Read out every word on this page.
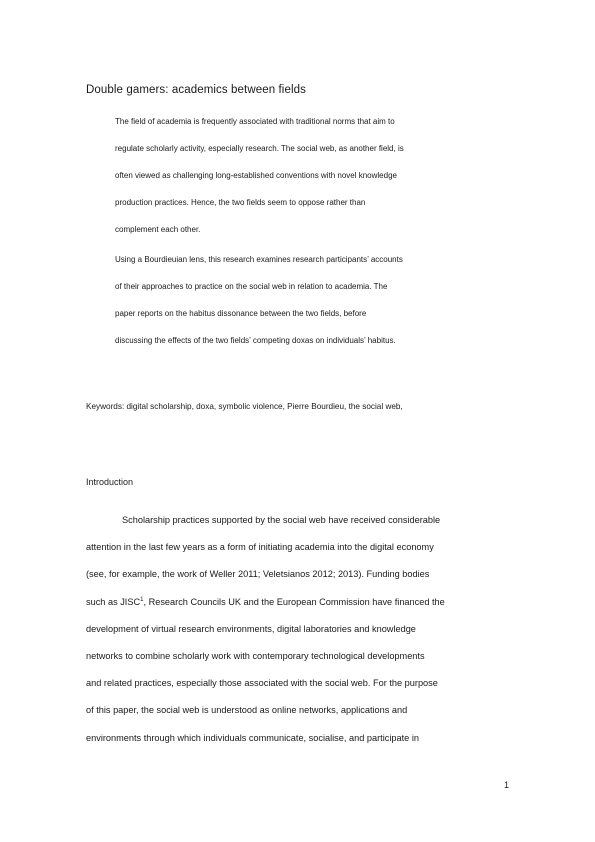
Double gamers: academics between fields
The field of academia is frequently associated with traditional norms that aim to
regulate scholarly activity, especially research. The social web, as another field, is
often viewed as challenging long-established conventions with novel knowledge
production practices. Hence, the two fields seem to oppose rather than
complement each other.
Using a Bourdieuian lens, this research examines research participants’ accounts
of their approaches to practice on the social web in relation to academia. The
paper reports on the habitus dissonance between the two fields, before
discussing the effects of the two fields’ competing doxas on individuals’ habitus.
Keywords: digital scholarship, doxa, symbolic violence, Pierre Bourdieu, the social web,
Introduction
Scholarship practices supported by the social web have received considerable
attention in the last few years as a form of initiating academia into the digital economy
(see, for example, the work of Weller 2011; Veletsianos 2012; 2013). Funding bodies
such as JISC$^1$, Research Councils UK and the European Commission have financed the
development of virtual research environments, digital laboratories and knowledge
networks to combine scholarly work with contemporary technological developments
and related practices, especially those associated with the social web. For the purpose
of this paper, the social web is understood as online networks, applications and
environments through which individuals communicate, socialise, and participate in
1
